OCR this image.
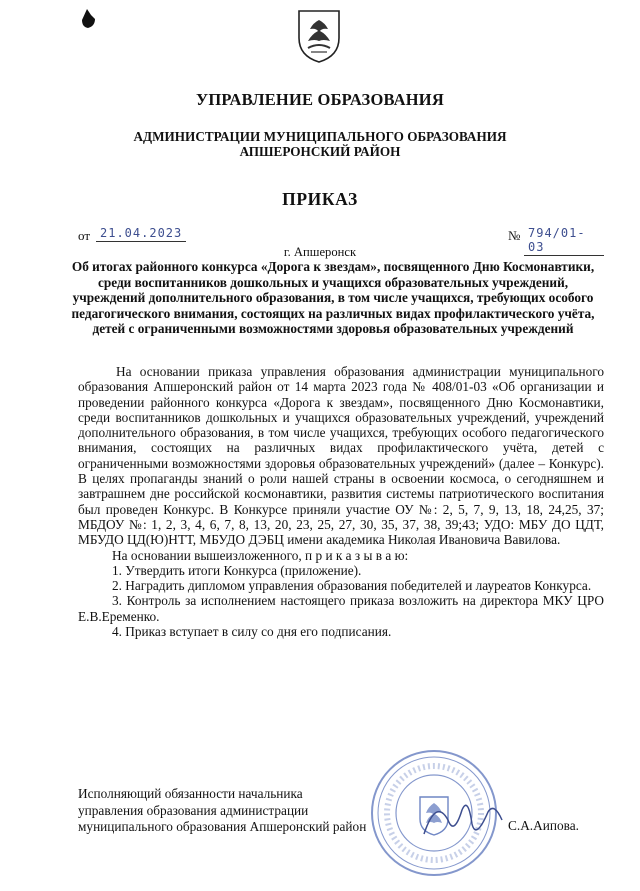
УПРАВЛЕНИЕ ОБРАЗОВАНИЯ
АДМИНИСТРАЦИИ МУНИЦИПАЛЬНОГО ОБРАЗОВАНИЯ
АПШЕРОНСКИЙ РАЙОН
ПРИКАЗ
от 21.04.2023	№ 794/01-03
г. Апшеронск
Об итогах районного конкурса «Дорога к звездам», посвященного Дню Космонавтики, среди воспитанников дошкольных и учащихся образовательных учреждений, учреждений дополнительного образования, в том числе учащихся, требующих особого педагогического внимания, состоящих на различных видах профилактического учёта, детей с ограниченными возможностями здоровья образовательных учреждений

На основании приказа управления образования администрации муниципального образования Апшеронский район от 14 марта 2023 года № 408/01-03 «Об организации и проведении районного конкурса «Дорога к звездам», посвященного Дню Космонавтики, среди воспитанников дошкольных и учащихся образовательных учреждений, учреждений дополнительного образования, в том числе учащихся, требующих особого педагогического внимания, состоящих на различных видах профилактического учёта, детей с ограниченными возможностями здоровья образовательных учреждений» (далее – Конкурс). В целях пропаганды знаний о роли нашей страны в освоении космоса, о сегодняшнем и завтрашнем дне российской космонавтики, развития системы патриотического воспитания был проведен Конкурс. В Конкурсе приняли участие ОУ №: 2, 5, 7, 9, 13, 18, 24,25, 37; МБДОУ №: 1, 2, 3, 4, 6, 7, 8, 13, 20, 23, 25, 27, 30, 35, 37, 38, 39;43; УДО: МБУ ДО ЦДТ, МБУДО ЦД(Ю)НТТ, МБУДО ДЭБЦ имени академика Николая Ивановича Вавилова.

На основании вышеизложенного, п р и к а з ы в а ю:

1. Утвердить итоги Конкурса (приложение).

2. Наградить дипломом управления образования победителей и лауреатов Конкурса.

3. Контроль за исполнением настоящего приказа возложить на директора МКУ ЦРО Е.В.Еременко.

4. Приказ вступает в силу со дня его подписания.

Исполняющий обязанности начальника
управления образования администрации
муниципального образования Апшеронский район	С.А.Аипова.
